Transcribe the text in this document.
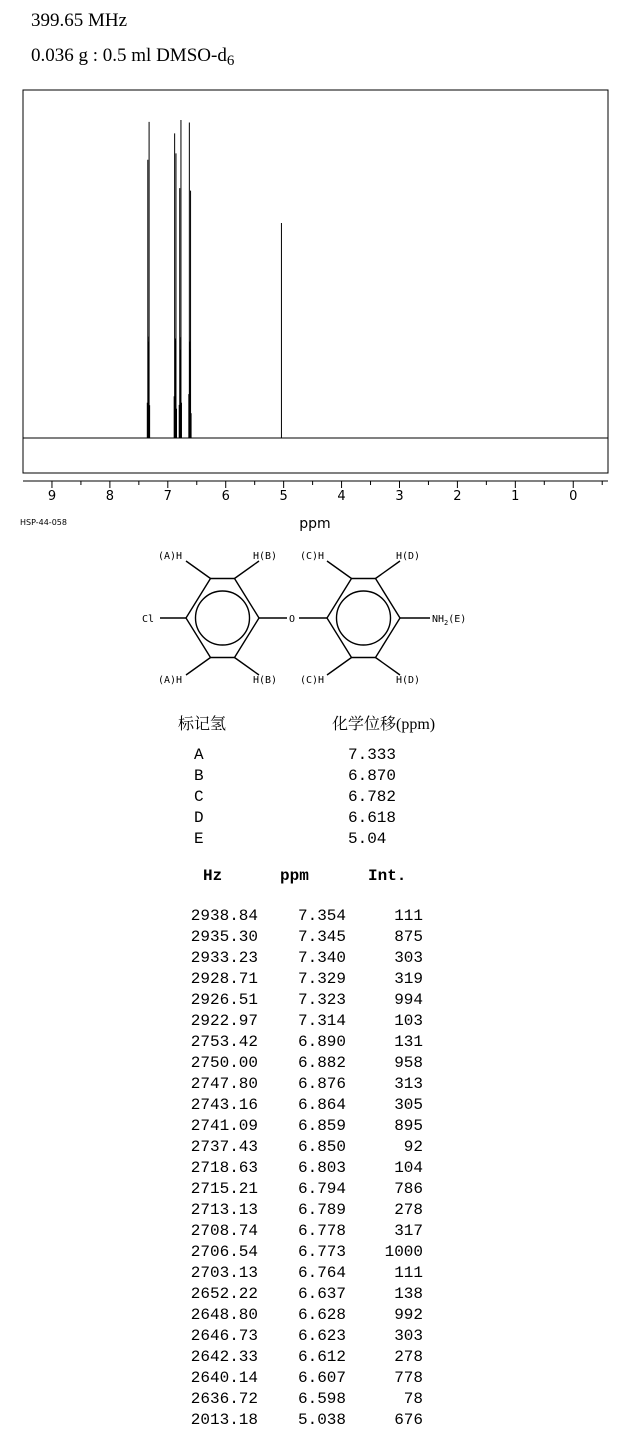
399.65 MHz
0.036 g : 0.5 ml DMSO-$d_6$
9	8	7	6	5	4	3	2	1	0
ppm
HSP-44-058
(A)H	H(B) (C)H	H(D)
(A)H	H(B) (C)H	H(D)
Cl	O	$NH_2(E)$
标记氢	化学位移(ppm)
A	7.333
B	6.870
C	6.782
D	6.618
E	5.04
Hz	ppm	Int.
2938.84	7.354	111
2935.30	7.345	875
2933.23	7.340	303
2928.71	7.329	319
2926.51	7.323	994
2922.97	7.314	103
2753.42	6.890	131
2750.00	6.882	958
2747.80	6.876	313
2743.16	6.864	305
2741.09	6.859	895
2737.43	6.850	92
2718.63	6.803	104
2715.21	6.794	786
2713.13	6.789	278
2708.74	6.778	317
2706.54	6.773	1000
2703.13	6.764	111
2652.22	6.637	138
2648.80	6.628	992
2646.73	6.623	303
2642.33	6.612	278
2640.14	6.607	778
2636.72	6.598	78
2013.18	5.038	676
